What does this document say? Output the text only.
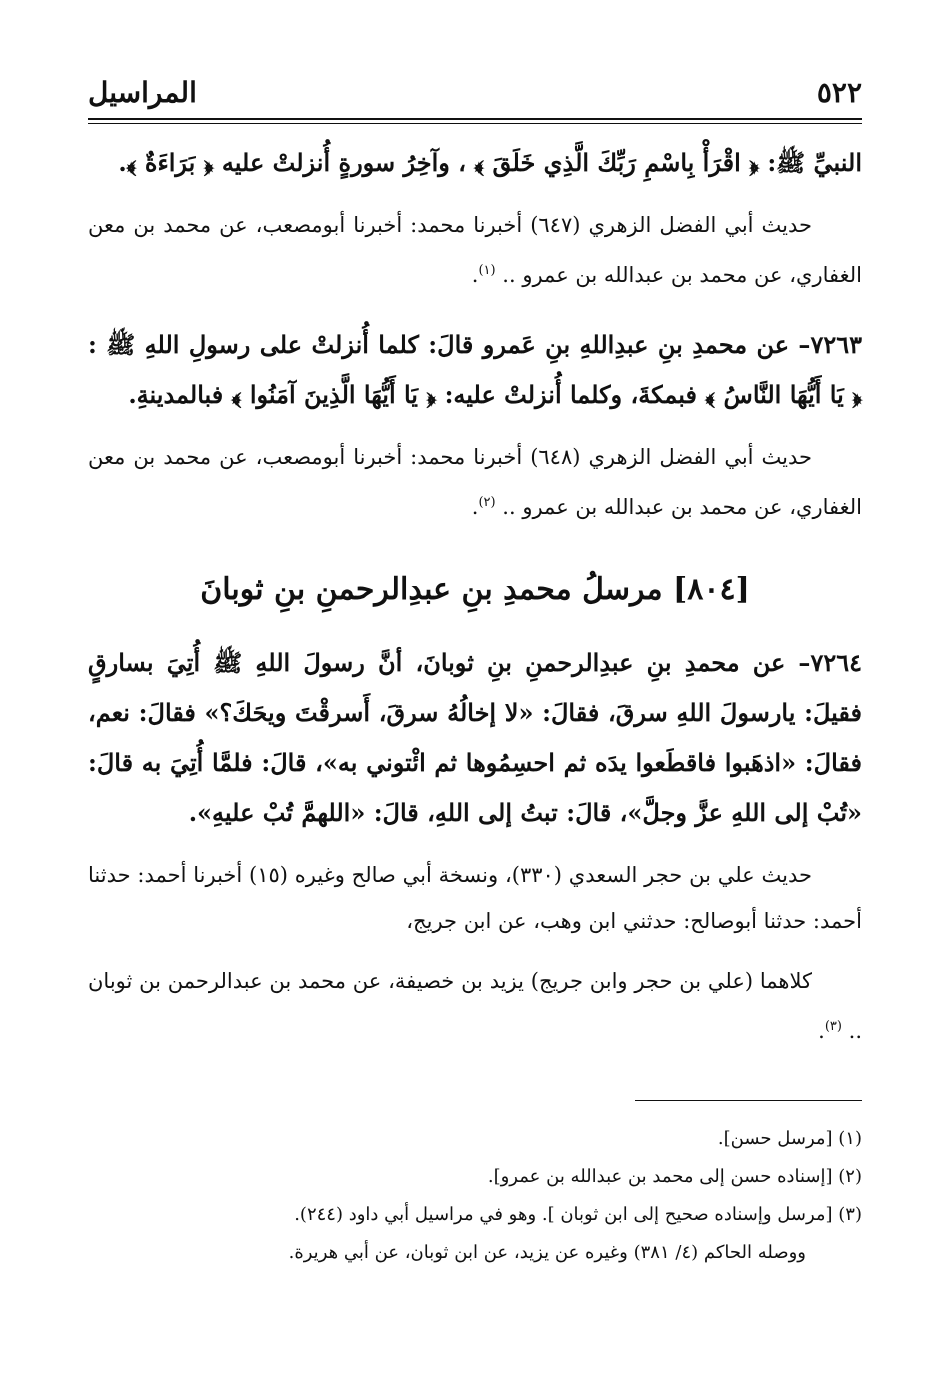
٥٢٢
المراسيل

النبيِّ ﷺ: ﴿ اقْرَأْ بِاسْمِ رَبِّكَ الَّذِي خَلَقَ ﴾ ، وآخِرُ سورةٍ أُنزلتْ عليه ﴿ بَرَاءَةٌ ﴾.

حديث أبي الفضل الزهري (٦٤٧) أخبرنا محمد: أخبرنا أبومصعب، عن محمد بن معن الغفاري، عن محمد بن عبدالله بن عمرو .. $^{(١)}$.

٧٢٦٣– عن محمدِ بنِ عبدِاللهِ بنِ عَمرو قالَ: كلما أُنزلتْ على رسولِ اللهِ ﷺ : ﴿ يَا أَيُّهَا النَّاسُ ﴾ فبمكةَ، وكلما أُنزلتْ عليه: ﴿ يَا أَيُّهَا الَّذِينَ آمَنُوا ﴾ فبالمدينةِ.

حديث أبي الفضل الزهري (٦٤٨) أخبرنا محمد: أخبرنا أبومصعب، عن محمد بن معن الغفاري، عن محمد بن عبدالله بن عمرو .. $^{(٢)}$.

[٨٠٤] مرسلُ محمدِ بنِ عبدِالرحمنِ بنِ ثوبانَ

٧٢٦٤– عن محمدِ بنِ عبدِالرحمنِ بنِ ثوبانَ، أنَّ رسولَ اللهِ ﷺ أُتِيَ بسارقٍ فقيلَ: يارسولَ اللهِ سرقَ، فقالَ: «لا إخالُهُ سرقَ، أَسرقْتَ ويحَكَ؟» فقالَ: نعم، فقالَ: «اذهَبوا فاقطَعوا يدَه ثم احسِمُوها ثم ائْتوني به»، قالَ: فلمَّا أُتِيَ به قالَ: «تُبْ إلى اللهِ عزَّ وجلَّ»، قالَ: تبتُ إلى اللهِ، قالَ: «اللهمَّ تُبْ عليهِ».

حديث علي بن حجر السعدي (٣٣٠)، ونسخة أبي صالح وغيره (١٥) أخبرنا أحمد: حدثنا أحمد: حدثنا أبوصالح: حدثني ابن وهب، عن ابن جريج،

كلاهما (علي بن حجر وابن جريج) يزيد بن خصيفة، عن محمد بن عبدالرحمن بن ثوبان .. $^{(٣)}$.

(١) [مرسل حسن].

(٢) [إسناده حسن إلى محمد بن عبدالله بن عمرو].

(٣) [مرسل وإسناده صحيح إلى ابن ثوبان ]. وهو في مراسيل أبي داود (٢٤٤).

ووصله الحاكم (٤/ ٣٨١) وغيره عن يزيد، عن ابن ثوبان، عن أبي هريرة.
